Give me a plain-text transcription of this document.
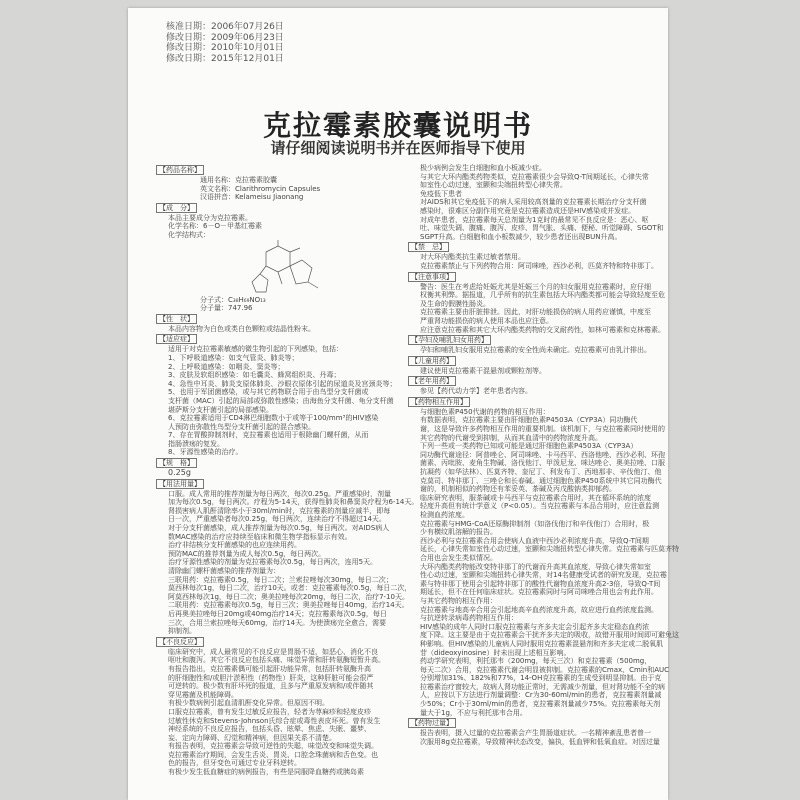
核准日期：2006年07月26日
修改日期：2009年06月23日
修改日期：2010年10月01日
修改日期：2015年12月01日
克拉霉素胶囊说明书
请仔细阅读说明书并在医师指导下使用
【药品名称】

通用名称：克拉霉素胶囊

英文名称：Clarithromycin Capsules

汉语拼音：Kelameisu Jiaonang

【成　分】

本品主要成分为克拉霉素。

化学名称：6－O－甲基红霉素

化学结构式：

分子式：C₃₈H₆₉NO₁₃

分子量：747.96

【性　状】

本品内容物为白色或类白色颗粒或结晶性粉末。

【适应症】

适用于对克拉霉素敏感的微生物引起的下列感染，包括：

1、下呼吸道感染：如支气管炎、肺炎等；

2、上呼吸道感染：如咽炎、窦炎等；

3、皮肤及软组织感染：如毛囊炎、蜂窝组织炎、丹毒；

4、急性中耳炎、肺炎支原体肺炎、沙眼衣原体引起的尿道炎及宫颈炎等；

5、也用于军团菌感染，或与其它药物联合用于由鸟型分支杆菌或

支杆菌（MAC）引起的局部或弥散性感染；由海鱼分支杆菌、龟分支杆菌

堪萨斯分支杆菌引起的局部感染。

6、克拉霉素适用于CD4淋巴细胞数小于或等于100/mm³的HIV感染

人预防由弥散性鸟型分支杆菌引起的混合感染。

7、存在胃酸抑制剂时，克拉霉素也适用于根除幽门螺杆菌，从而

指肠溃疡的复发。

8、牙源性感染的治疗。

【规　格】

0.25g

【用法用量】

口服。成人常用的推荐剂量为每日两次，每次0.25g。严重感染时，剂量

加为每次0.5g，每日两次。疗程为5-14天，获得性肺炎和鼻窦炎疗程为6-14天。

肾损害病人肌酐清除率小于30ml/min时，克拉霉素的剂量应减半，即每

日一次，严重感染者每次0.25g，每日两次，连续治疗不得超过14天。

对于分支杆菌感染，成人推荐剂量为每次0.5g，每日两次。对AIDS病人

数MAC感染的治疗应持续至临床和微生物学指标显示有效。

治疗非结核分支杆菌感染的也应连续用药。

预防MAC的推荐剂量为成人每次0.5g，每日两次。

治疗牙源性感染的剂量为克拉霉素每次0.5g，每日两次，连用5天。

清除幽门螺杆菌感染的推荐剂量为：

三联用药：克拉霉素0.5g，每日二次；兰索拉唑每次30mg，每日二次；

莫西林每次1g，每日二次，治疗10天。或者：克拉霉素每次0.5g，每日二次，

阿莫西林每次1g，每日二次；奥美拉唑每次20mg，每日二次，治疗7-10天。

二联用药：克拉霉素每次0.5g，每日三次；奥美拉唑每日40mg，治疗14天。

后再奥美拉唑每日20mg或40mg治疗14天；克拉霉素每次0.5g，每日

三次，合用兰索拉唑每天60mg，治疗14天。为使溃疡完全愈合，需要

抑制剂。

【不良反应】

临床研究中，成人最常见的不良反应是胃肠不适，如恶心、消化不良

呕吐和腹泻。其它不良反应包括头痛、味觉异常和肝转氨酶短暂升高。

有报告指出，克拉霉素偶可能引起肝功能异常，包括肝转氨酶升高

的肝细胞性和/或胆汁淤积性（药物性）肝炎，这种肝脏可能会很严

可逆转的。极少数有肝坏死的报道，且多与严重原发病和/或伴随其

穿见霉菌及机能障碍。

有极少数病例引起血清肌酐变化异常。但原因不明。

口服克拉霉素，曾有发生过敏反应报告，轻者为荨麻疹和轻度皮疹

过敏性休克和Stevens-Johnson氏综合症或毒性表皮坏死。曾有发生

神经系统的不良反应报告，包括头昏、眩晕、焦虑、失眠、噩梦、

妄、定向力障碍、幻觉和精神病，但因果关系不清楚。

有报告表明，克拉霉素会导致可逆性的失聪，味觉改变和味觉失调。

克拉霉素治疗期间，会发生舌炎、胃炎、口腔念珠菌病和舌色变。也

色的报告，但牙变色可通过专业牙科逆转。

有极少发生低血糖症的病例报告，有些是同服降血糖药或胰岛素

极少病例会发生白细胞和血小板减少症。

与其它大环内酯类药物类似，克拉霉素很少会导致Q-T间期延长，心律失常

如室性心动过速，室颤和尖端扭转型心律失常。

免疫低下患者

对AIDS和其它免疫低下的病人采用较高剂量的克拉霉素长期治疗分支杆菌

感染时，很难区分副作用究竟是克拉霉素造成还是HIV感染或并发症。

对成年患者，克拉霉素每天总剂量为1克时的最常见不良反应是：恶心、呕

吐、味觉失调、腹痛、腹泻、皮疹、胃气胀、头痛、便秘、听觉障碍、SGOT和

SGPT升高。白细胞和血小板数减少，较少患者还出现BUN升高。

【禁　忌】

对大环内酯类抗生素过敏者禁用。

克拉霉素禁止与下列药物合用：阿司咪唑，西沙必利，匹莫齐特和特非那丁。

【注意事项】

警告：医生在考虑给妊娠尤其是妊娠三个月的妇女服用克拉霉素时，应仔细

权衡其利弊。据报道，几乎所有的抗生素包括大环内酯类都可能会导致轻度至危

及生命的假膜性肠炎。

克拉霉素主要由肝脏排泄。因此，对肝功能损伤的病人用药应谨慎，中度至

严重肾功能损伤的病人使用本品也应注意。

应注意克拉霉素和其它大环内酯类药物的交叉耐药性，如林可霉素和克林霉素。

【孕妇及哺乳妇女用药】

孕妇和哺乳妇女服用克拉霉素的安全性尚未确定。克拉霉素可由乳汁排出。

【儿童用药】

建议使用克拉霉素干混悬剂或颗粒剂等。

【老年用药】

参见【药代动力学】老年患者内容。

【药物相互作用】

与细胞色素P450代谢的药物的相互作用：

有数据表明，克拉霉素主要由肝细胞色素P4503A（CYP3A）同功酶代

谢，这是导致许多药物相互作用的重要机制。该机制下，与克拉霉素同时使用的

其它药物的代谢受到抑制，从而其血清中的药物浓度升高。

下列一些或一类药物已知或可能是通过肝细胞色素P4503A（CYP3A）

同功酶代谢途径：阿普唑仑、阿司咪唑、卡马西平、西洛他唑、西沙必利、环孢

菌素、丙吡胺、麦角生物碱、洛伐他汀、甲泼尼龙、咪达唑仑、奥美拉唑、口服

抗凝药（如华法林）、匹莫齐特、奎尼丁、利发布丁、西地那非、辛伐他汀、他

克莫司、特非那丁、三唑仑和长春碱。通过细胞色素P450系统中其它同功酶代

谢的，机制相似的药物还有苯妥英、茶碱及丙戊酸钠类抑郁药。

临床研究表明，服茶碱或卡马西平与克拉霉素合用时，其在循环系统的浓度

轻度升高但有统计学意义（P<0.05）。当克拉霉素与本品合用时，应注意监测

检测血药浓度。

克拉霉素与HMG-CoA还原酶抑制剂（如洛伐他汀和辛伐他汀）合用时，极

少有横纹肌溶解的报告。

西沙必利与克拉霉素合用会使病人血液中西沙必利浓度升高，导致Q-T间期

延长，心律失常如室性心动过速，室颤和尖端扭转型心律失常。克拉霉素与匹莫齐特

合用也会发生类似情况。

大环内酯类药物能改变特非那丁的代谢而升高其血浓度，导致心律失常如室

性心动过速，室颤和尖端扭转心律失常，对14名健康受试者的研究发现，克拉霉

素与特非那丁使用会引起特非那丁的酸性代谢物血浓度升高2-3倍，导致Q-T间

期延长，但不在任何临床症状。克拉霉素同时与阿司咪唑合用也会有此作用。

与其它药物的相互作用：

克拉霉素与地高辛合用会引起地高辛血药浓度升高，故应进行血药浓度监测。

与抗逆转录病毒药物相互作用：

HIV感染的成年人同时口服克拉霉素与齐多夫定会引起齐多夫定稳态血药浓

度下降。这主要是由于克拉霉素会干扰齐多夫定的吸收，故错开服用时间即可避免这

种影响。但HIV感染的儿童病人同时服用克拉霉素混悬剂和齐多夫定或二脱氧肌

苷（dideoxyinosine）时未出现上述相互影响。

药动学研究表明，利托那韦（200mg，每天三次）和克拉霉素（500mg，

每天二次）合用，克拉霉素代谢会明显被抑制。克拉霉素的Cmax、Cmin和AUC

分别增加31%、182%和77%，14-OH克拉霉素的生成受到明显抑制。由于克

拉霉素治疗窗较大，故病人肾功能正常时，无需减少剂量，但对肾功能不全的病

人，应按以下方法进行剂量调整：Cr为30-60ml/min的患者，克拉霉素剂量减

少50%；Cr小于30ml/min的患者，克拉霉素剂量减少75%。克拉霉素每天剂

量大于1g，不应与利托那韦合用。

【药物过量】

报告表明，摄入过量的克拉霉素会产生胃肠道症状。一名精神紊乱患者曾一

次服用8g克拉霉素，导致精神状态改变，偏执，低血钾和低氧血症。对因过量
